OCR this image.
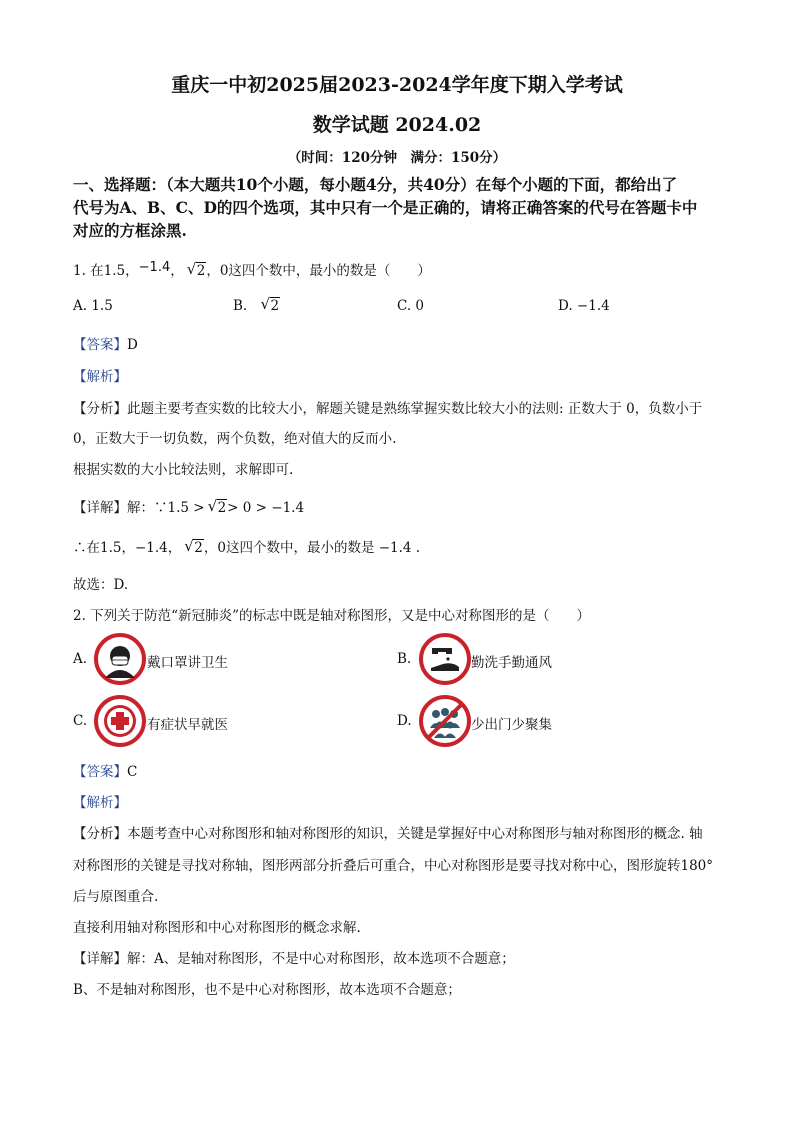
重庆一中初2025届2023-2024学年度下期入学考试
数学试题 2024.02
（时间：120分钟　满分：150分）
一、选择题：（本大题共10个小题，每小题4分，共40分）在每个小题的下面，都给出了
代号为A、B、C、D的四个选项，其中只有一个是正确的，请将正确答案的代号在答题卡中
对应的方框涂黑.
1. 在1.5，−1.4， √ 2，0这四个数中，最小的数是（　　）
A. 1.5	B. √ 2	C. 0	D. −1.4
【答案】D
【解析】
【分析】此题主要考查实数的比较大小，解题关键是熟练掌握实数比较大小的法则: 正数大于 0，负数小于
0，正数大于一切负数，两个负数，绝对值大的反而小.
根据实数的大小比较法则，求解即可.
【详解】解：∵1.5 > √ 2> 0 > −1.4
∴在1.5，−1.4， √ 2，0这四个数中，最小的数是 −1.4 .
故选：D.
2. 下列关于防范“新冠肺炎”的标志中既是轴对称图形，又是中心对称图形的是（　　）
A.	戴口罩讲卫生	B.	勤洗手勤通风
C.	有症状早就医	D.	少出门少聚集
【答案】C
【解析】
【分析】本题考查中心对称图形和轴对称图形的知识，关键是掌握好中心对称图形与轴对称图形的概念. 轴
对称图形的关键是寻找对称轴，图形两部分折叠后可重合，中心对称图形是要寻找对称中心，图形旋转180°
后与原图重合.
直接利用轴对称图形和中心对称图形的概念求解.
【详解】解：A、是轴对称图形，不是中心对称图形，故本选项不合题意；
B、不是轴对称图形，也不是中心对称图形，故本选项不合题意；
